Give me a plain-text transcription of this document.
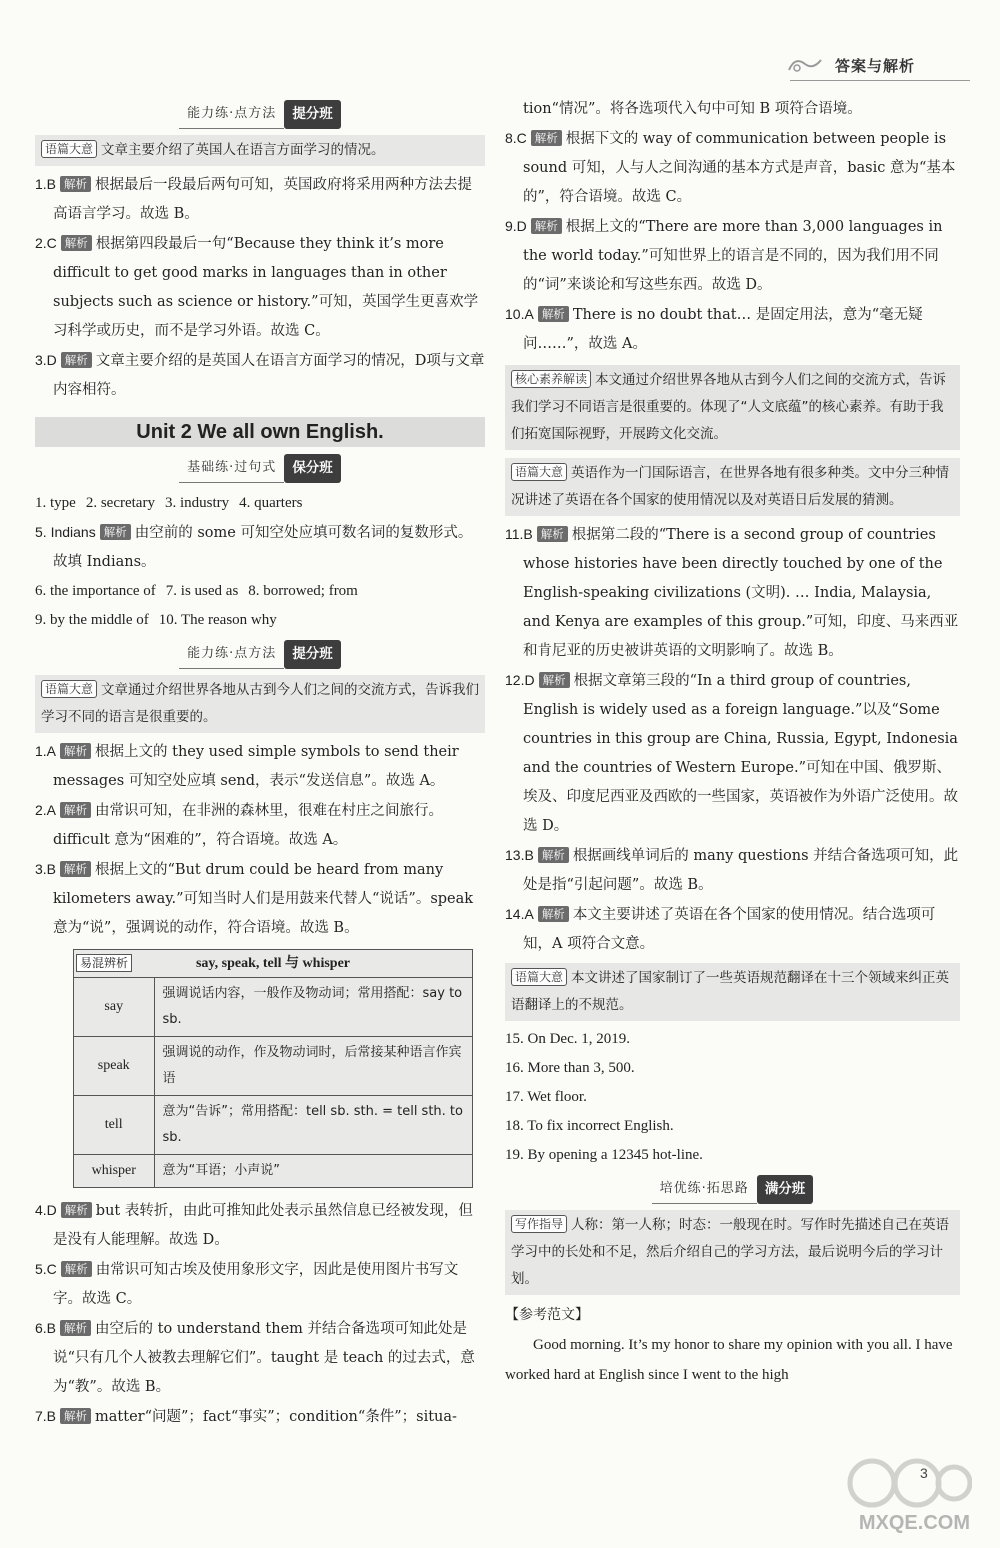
答案与解析
能力练·点方法	提分班
语篇大意 文章主要介绍了英国人在语言方面学习的情况。
1.B 解析 根据最后一段最后两句可知，英国政府将采用两种方法去提高语言学习。故选 B。
2.C 解析 根据第四段最后一句“Because they think it’s more difficult to get good marks in languages than in other subjects such as science or history.”可知，英国学生更喜欢学习科学或历史，而不是学习外语。故选 C。
3.D 解析 文章主要介绍的是英国人在语言方面学习的情况，D项与文章内容相符。
Unit 2 We all own English.
基础练·过句式	保分班
1. type 2. secretary 3. industry 4. quarters
5. Indians 解析 由空前的 some 可知空处应填可数名词的复数形式。故填 Indians。
6. the importance of 7. is used as 8. borrowed; from
9. by the middle of 10. The reason why
能力练·点方法	提分班
语篇大意 文章通过介绍世界各地从古到今人们之间的交流方式，告诉我们学习不同的语言是很重要的。
1.A 解析 根据上文的 they used simple symbols to send their messages 可知空处应填 send，表示“发送信息”。故选 A。
2.A 解析 由常识可知，在非洲的森林里，很难在村庄之间旅行。difficult 意为“困难的”，符合语境。故选 A。
3.B 解析 根据上文的“But drum could be heard from many kilometers away.”可知当时人们是用鼓来代替人“说话”。speak 意为“说”，强调说的动作，符合语境。故选 B。
易混辨析	say, speak, tell 与 whisper
say	强调说话内容，一般作及物动词；常用搭配：say to sb.
speak	强调说的动作，作及物动词时，后常接某种语言作宾语
tell	意为“告诉”；常用搭配：tell sb. sth. = tell sth. to sb.
whisper	意为“耳语；小声说”
4.D 解析 but 表转折，由此可推知此处表示虽然信息已经被发现，但是没有人能理解。故选 D。
5.C 解析 由常识可知古埃及使用象形文字，因此是使用图片书写文字。故选 C。
6.B 解析 由空后的 to understand them 并结合备选项可知此处是说“只有几个人被教去理解它们”。taught 是 teach 的过去式，意为“教”。故选 B。
7.B 解析 matter“问题”；fact“事实”；condition“条件”；situa-
tion“情况”。将各选项代入句中可知 B 项符合语境。
8.C 解析 根据下文的 way of communication between people is sound 可知，人与人之间沟通的基本方式是声音，basic 意为“基本的”，符合语境。故选 C。
9.D 解析 根据上文的“There are more than 3,000 languages in the world today.”可知世界上的语言是不同的，因为我们用不同的“词”来谈论和写这些东西。故选 D。
10.A 解析 There is no doubt that… 是固定用法，意为“毫无疑问……”，故选 A。
核心素养解读 本文通过介绍世界各地从古到今人们之间的交流方式，告诉我们学习不同语言是很重要的。体现了“人文底蕴”的核心素养。有助于我们拓宽国际视野，开展跨文化交流。
语篇大意 英语作为一门国际语言，在世界各地有很多种类。文中分三种情况讲述了英语在各个国家的使用情况以及对英语日后发展的猜测。
11.B 解析 根据第二段的“There is a second group of countries whose histories have been directly touched by one of the English-speaking civilizations (文明). … India, Malaysia, and Kenya are examples of this group.”可知，印度、马来西亚和肯尼亚的历史被讲英语的文明影响了。故选 B。
12.D 解析 根据文章第三段的“In a third group of countries, English is widely used as a foreign language.”以及“Some countries in this group are China, Russia, Egypt, Indonesia and the countries of Western Europe.”可知在中国、俄罗斯、埃及、印度尼西亚及西欧的一些国家，英语被作为外语广泛使用。故选 D。
13.B 解析 根据画线单词后的 many questions 并结合备选项可知，此处是指“引起问题”。故选 B。
14.A 解析 本文主要讲述了英语在各个国家的使用情况。结合选项可知，A 项符合文意。
语篇大意 本文讲述了国家制订了一些英语规范翻译在十三个领域来纠正英语翻译上的不规范。
15. On Dec. 1, 2019.
16. More than 3, 500.
17. Wet floor.
18. To fix incorrect English.
19. By opening a 12345 hot-line.
培优练·拓思路	满分班
写作指导 人称：第一人称；时态：一般现在时。写作时先描述自己在英语学习中的长处和不足，然后介绍自己的学习方法，最后说明今后的学习计划。
【参考范文】

Good morning. It’s my honor to share my opinion with you all. I have worked hard at English since I went to the high

3
MXQE.COM
